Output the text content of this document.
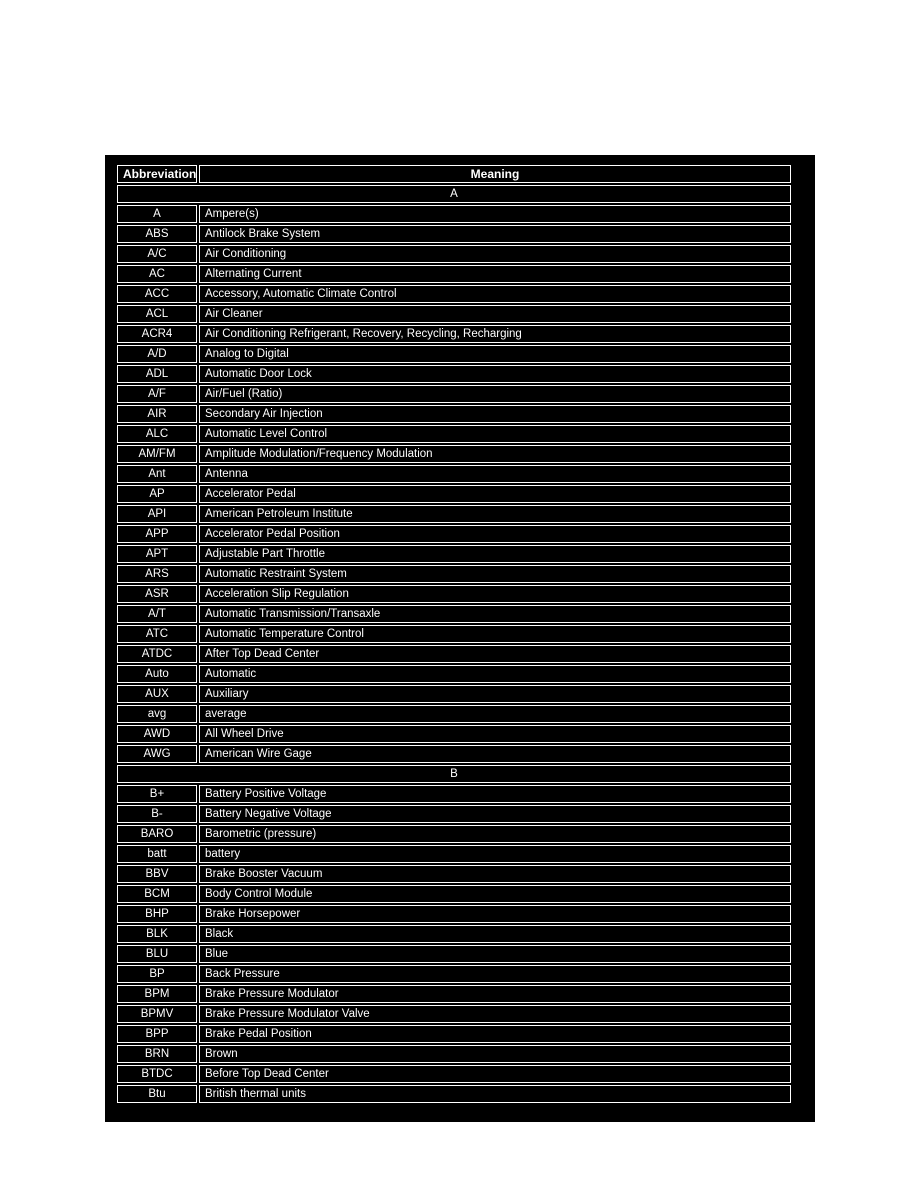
Abbreviation	Meaning
A	
A	Ampere(s)
ABS	Antilock Brake System
A/C	Air Conditioning
AC	Alternating Current
ACC	Accessory, Automatic Climate Control
ACL	Air Cleaner
ACR4	Air Conditioning Refrigerant, Recovery, Recycling, Recharging
A/D	Analog to Digital
ADL	Automatic Door Lock
A/F	Air/Fuel (Ratio)
AIR	Secondary Air Injection
ALC	Automatic Level Control
AM/FM	Amplitude Modulation/Frequency Modulation
Ant	Antenna
AP	Accelerator Pedal
API	American Petroleum Institute
APP	Accelerator Pedal Position
APT	Adjustable Part Throttle
ARS	Automatic Restraint System
ASR	Acceleration Slip Regulation
A/T	Automatic Transmission/Transaxle
ATC	Automatic Temperature Control
ATDC	After Top Dead Center
Auto	Automatic
AUX	Auxiliary
avg	average
AWD	All Wheel Drive
AWG	American Wire Gage
B	
B+	Battery Positive Voltage
B-	Battery Negative Voltage
BARO	Barometric (pressure)
batt	battery
BBV	Brake Booster Vacuum
BCM	Body Control Module
BHP	Brake Horsepower
BLK	Black
BLU	Blue
BP	Back Pressure
BPM	Brake Pressure Modulator
BPMV	Brake Pressure Modulator Valve
BPP	Brake Pedal Position
BRN	Brown
BTDC	Before Top Dead Center
Btu	British thermal units
